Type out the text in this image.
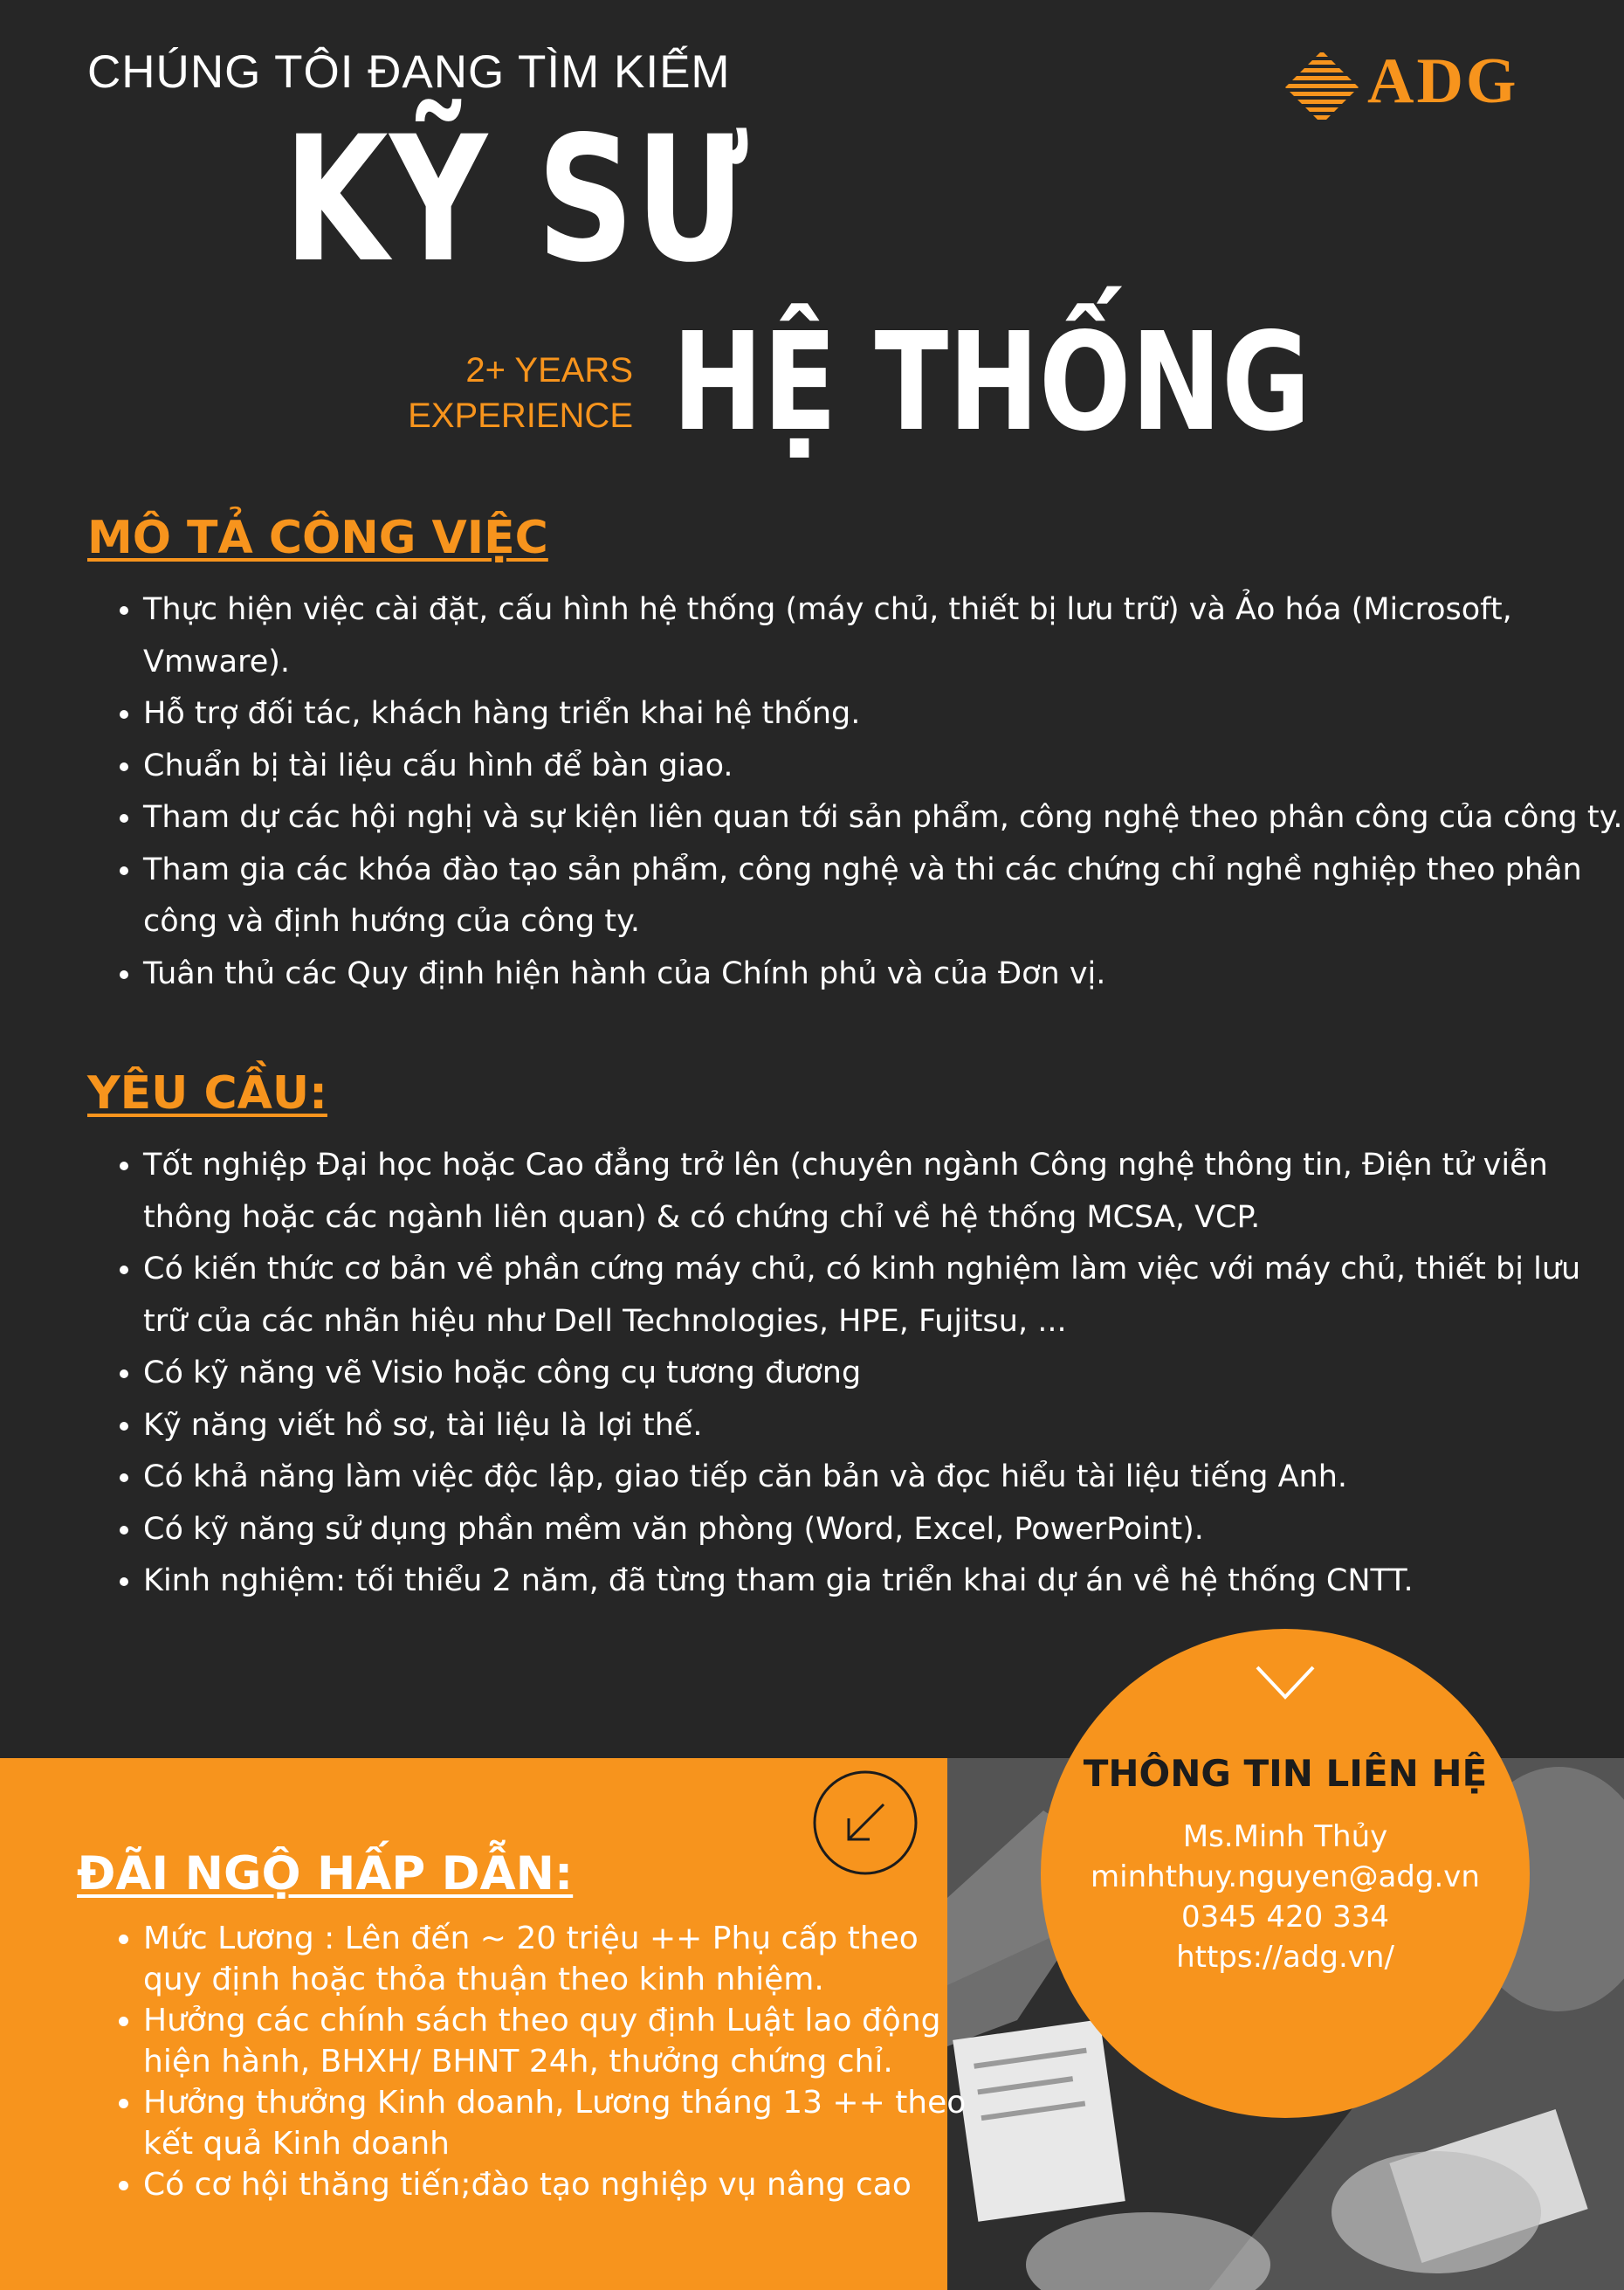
CHÚNG TÔI ĐANG TÌM KIẾM	ADG
KỸ SƯ
2+ YEARS
EXPERIENCE HỆ THỐNG
MÔ TẢ CÔNG VIỆC
• Thực hiện việc cài đặt, cấu hình hệ thống (máy chủ, thiết bị lưu trữ) và Ảo hóa (Microsoft, Vmware).
• Hỗ trợ đối tác, khách hàng triển khai hệ thống.
• Chuẩn bị tài liệu cấu hình để bàn giao.
• Tham dự các hội nghị và sự kiện liên quan tới sản phẩm, công nghệ theo phân công của công ty.
• Tham gia các khóa đào tạo sản phẩm, công nghệ và thi các chứng chỉ nghề nghiệp theo phân công và định hướng của công ty.
• Tuân thủ các Quy định hiện hành của Chính phủ và của Đơn vị.
YÊU CẦU:
• Tốt nghiệp Đại học hoặc Cao đẳng trở lên (chuyên ngành Công nghệ thông tin, Điện tử viễn thông hoặc các ngành liên quan) & có chứng chỉ về hệ thống MCSA, VCP.
• Có kiến thức cơ bản về phần cứng máy chủ, có kinh nghiệm làm việc với máy chủ, thiết bị lưu trữ của các nhãn hiệu như Dell Technologies, HPE, Fujitsu, ...
• Có kỹ năng vẽ Visio hoặc công cụ tương đương
• Kỹ năng viết hồ sơ, tài liệu là lợi thế.
• Có khả năng làm việc độc lập, giao tiếp căn bản và đọc hiểu tài liệu tiếng Anh.
• Có kỹ năng sử dụng phần mềm văn phòng (Word, Excel, PowerPoint).
• Kinh nghiệm: tối thiểu 2 năm, đã từng tham gia triển khai dự án về hệ thống CNTT.
THÔNG TIN LIÊN HỆ
Ms.Minh Thủy
minhthuy.nguyen@adg.vn
0345 420 334
https://adg.vn/
ĐÃI NGỘ HẤP DẪN:
• Mức Lương : Lên đến ~ 20 triệu ++ Phụ cấp theo quy định hoặc thỏa thuận theo kinh nhiệm.
• Hưởng các chính sách theo quy định Luật lao động hiện hành, BHXH/ BHNT 24h, thưởng chứng chỉ.
• Hưởng thưởng Kinh doanh, Lương tháng 13 ++ theo kết quả Kinh doanh
• Có cơ hội thăng tiến;đào tạo nghiệp vụ nâng cao
